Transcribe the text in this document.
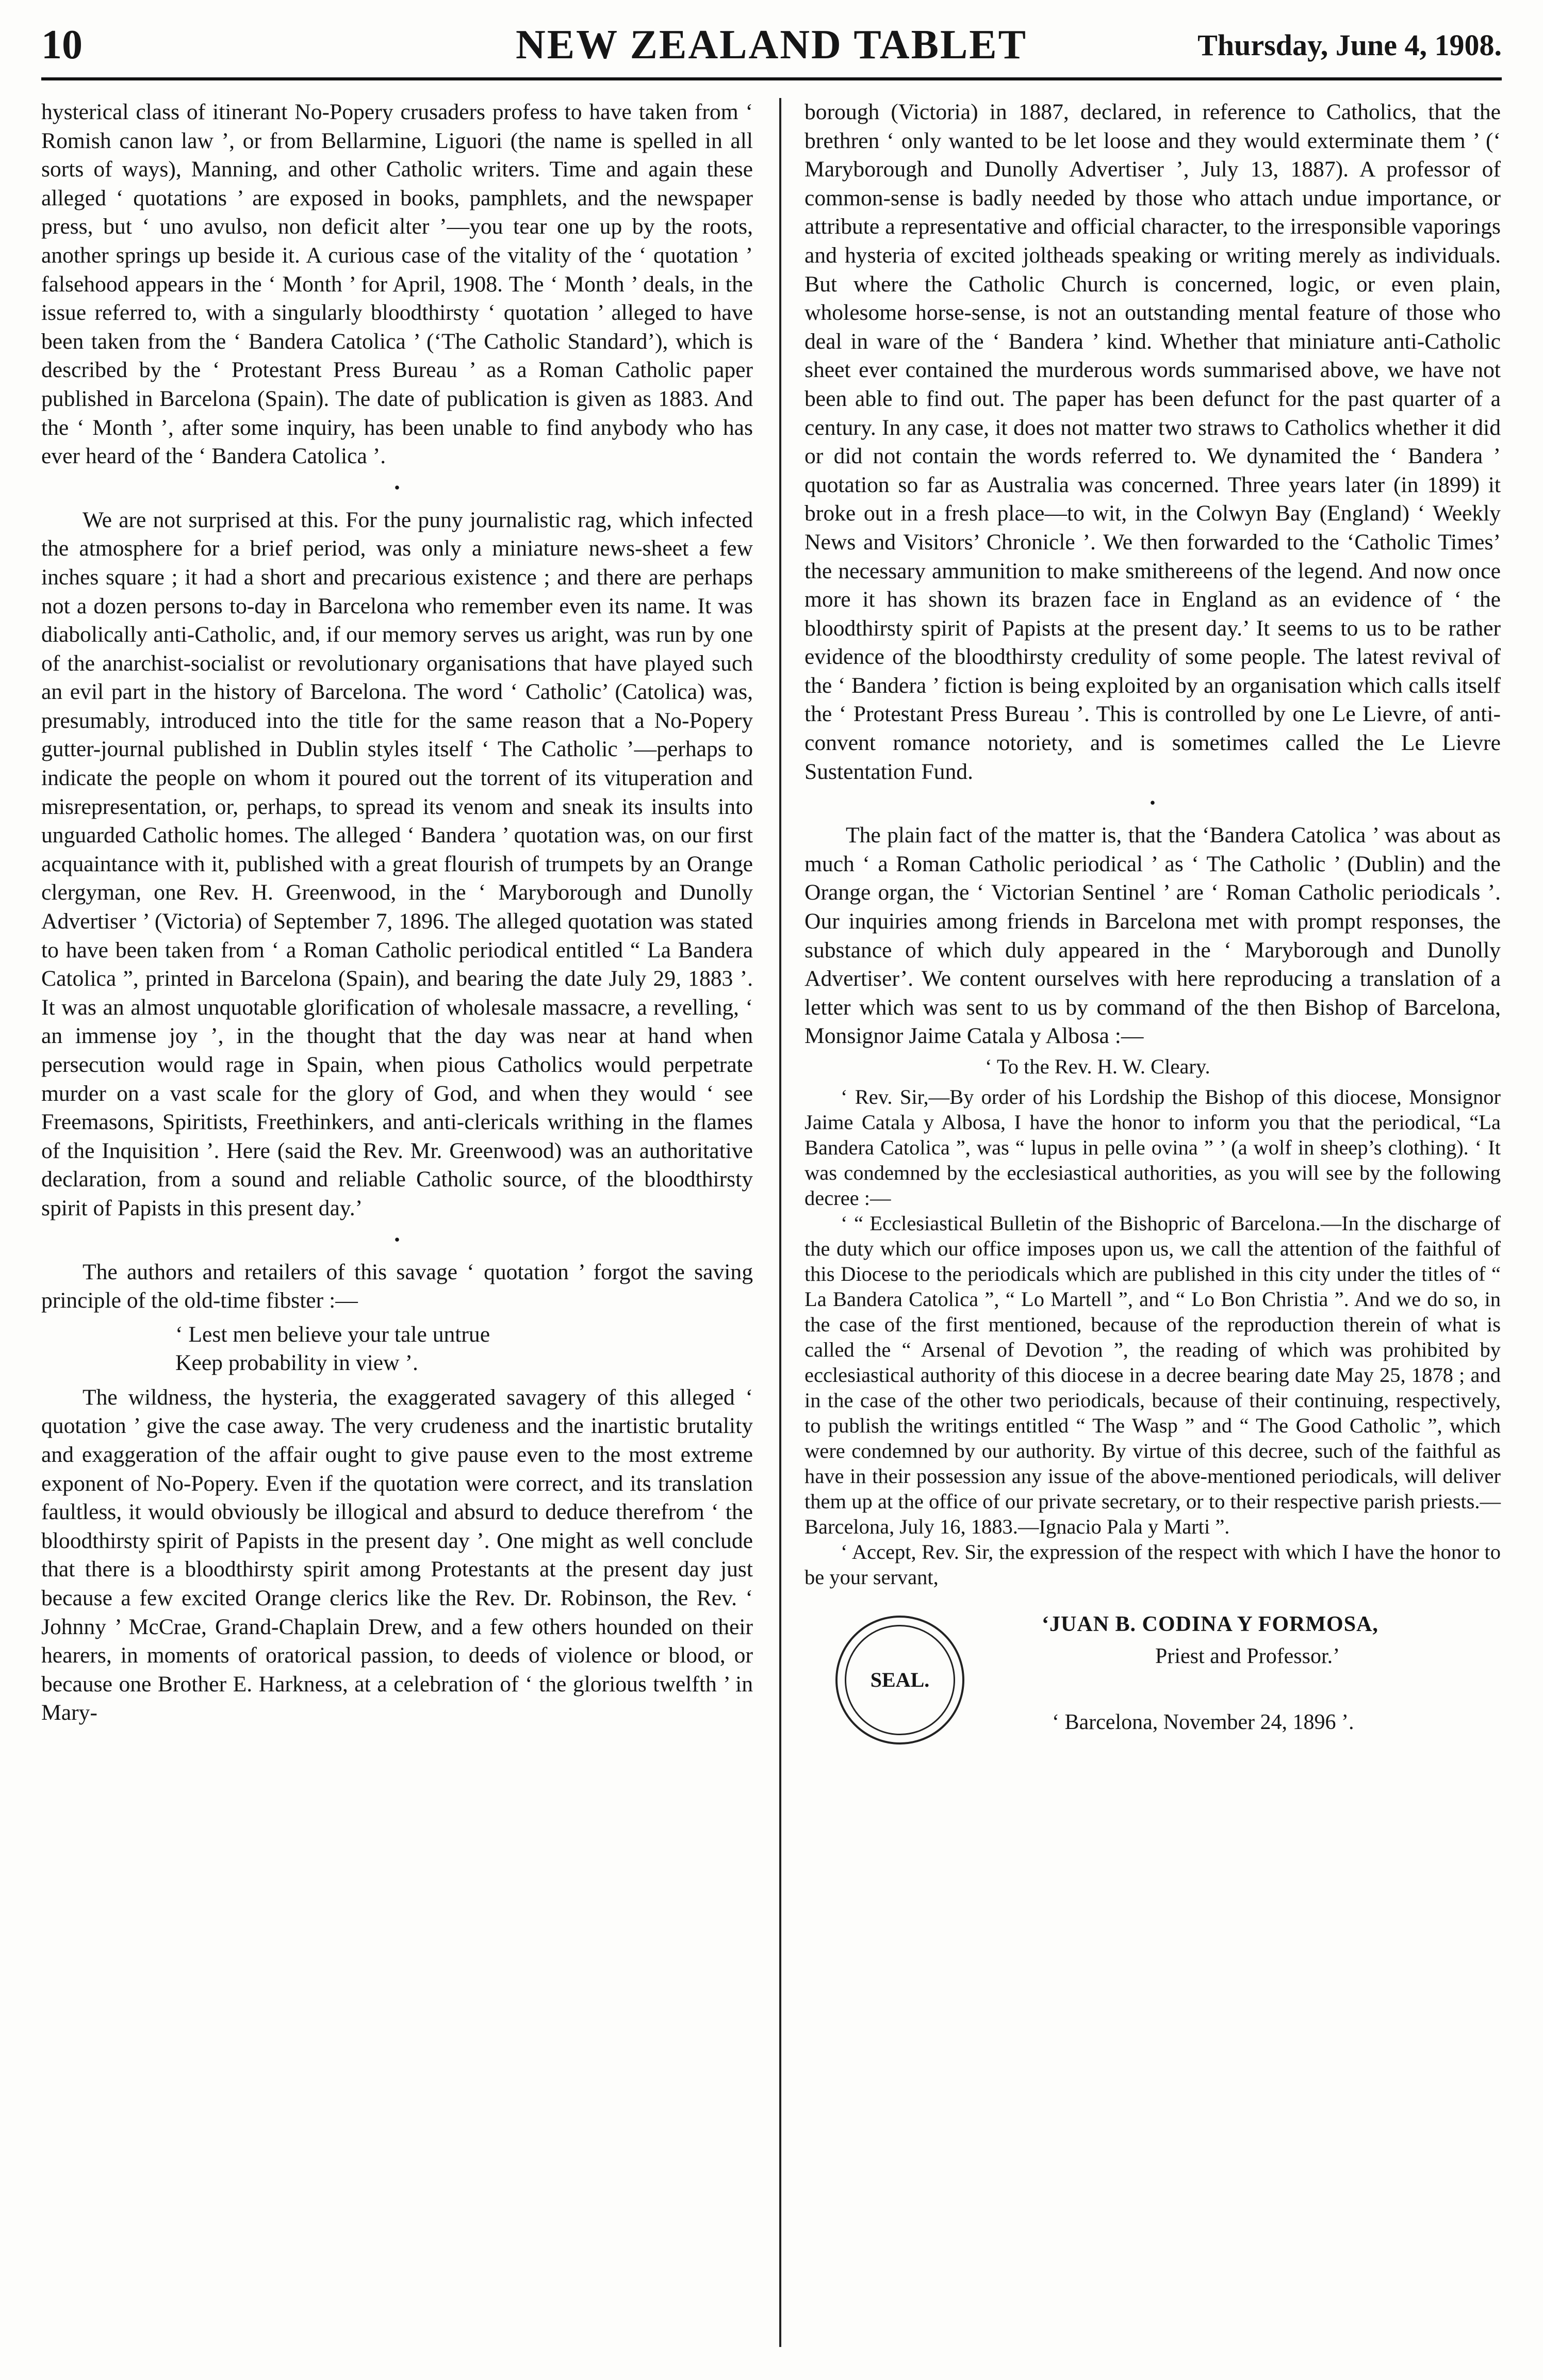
10	NEW ZEALAND TABLET	Thursday, June 4, 1908.

hysterical class of itinerant No-Popery crusaders profess to have taken from ‘ Romish canon law ’, or from Bellarmine, Liguori (the name is spelled in all sorts of ways), Manning, and other Catholic writers. Time and again these alleged ‘ quotations ’ are exposed in books, pamphlets, and the newspaper press, but ‘ uno avulso, non deficit alter ’—you tear one up by the roots, another springs up beside it. A curious case of the vitality of the ‘ quotation ’ falsehood appears in the ‘ Month ’ for April, 1908. The ‘ Month ’ deals, in the issue referred to, with a singularly bloodthirsty ‘ quotation ’ alleged to have been taken from the ‘ Bandera Catolica ’ (‘The Catholic Standard’), which is described by the ‘ Protestant Press Bureau ’ as a Roman Catholic paper published in Barcelona (Spain). The date of publication is given as 1883. And the ‘ Month ’, after some inquiry, has been unable to find anybody who has ever heard of the ‘ Bandera Catolica ’.

•

We are not surprised at this. For the puny journalistic rag, which infected the atmosphere for a brief period, was only a miniature news-sheet a few inches square ; it had a short and precarious existence ; and there are perhaps not a dozen persons to-day in Barcelona who remember even its name. It was diabolically anti-Catholic, and, if our memory serves us aright, was run by one of the anarchist-socialist or revolutionary organisations that have played such an evil part in the history of Barcelona. The word ‘ Catholic’ (Catolica) was, presumably, introduced into the title for the same reason that a No-Popery gutter-journal published in Dublin styles itself ‘ The Catholic ’—perhaps to indicate the people on whom it poured out the torrent of its vituperation and misrepresentation, or, perhaps, to spread its venom and sneak its insults into unguarded Catholic homes. The alleged ‘ Bandera ’ quotation was, on our first acquaintance with it, published with a great flourish of trumpets by an Orange clergyman, one Rev. H. Greenwood, in the ‘ Maryborough and Dunolly Advertiser ’ (Victoria) of September 7, 1896. The alleged quotation was stated to have been taken from ‘ a Roman Catholic periodical entitled “ La Bandera Catolica ”, printed in Barcelona (Spain), and bearing the date July 29, 1883 ’. It was an almost unquotable glorification of wholesale massacre, a revelling, ‘ an immense joy ’, in the thought that the day was near at hand when persecution would rage in Spain, when pious Catholics would perpetrate murder on a vast scale for the glory of God, and when they would ‘ see Freemasons, Spiritists, Freethinkers, and anti-clericals writhing in the flames of the Inquisition ’. Here (said the Rev. Mr. Greenwood) was an authoritative declaration, from a sound and reliable Catholic source, of the bloodthirsty spirit of Papists in this present day.’

•

The authors and retailers of this savage ‘ quotation ’ forgot the saving principle of the old-time fibster :—

‘ Lest men believe your tale untrue
Keep probability in view ’.

The wildness, the hysteria, the exaggerated savagery of this alleged ‘ quotation ’ give the case away. The very crudeness and the inartistic brutality and exaggeration of the affair ought to give pause even to the most extreme exponent of No-Popery. Even if the quotation were correct, and its translation faultless, it would obviously be illogical and absurd to deduce therefrom ‘ the bloodthirsty spirit of Papists in the present day ’. One might as well conclude that there is a bloodthirsty spirit among Protestants at the present day just because a few excited Orange clerics like the Rev. Dr. Robinson, the Rev. ‘ Johnny ’ McCrae, Grand-Chaplain Drew, and a few others hounded on their hearers, in moments of oratorical passion, to deeds of violence or blood, or because one Brother E. Harkness, at a celebration of ‘ the glorious twelfth ’ in Mary-

borough (Victoria) in 1887, declared, in reference to Catholics, that the brethren ‘ only wanted to be let loose and they would exterminate them ’ (‘ Maryborough and Dunolly Advertiser ’, July 13, 1887). A professor of common-sense is badly needed by those who attach undue importance, or attribute a representative and official character, to the irresponsible vaporings and hysteria of excited joltheads speaking or writing merely as individuals. But where the Catholic Church is concerned, logic, or even plain, wholesome horse-sense, is not an outstanding mental feature of those who deal in ware of the ‘ Bandera ’ kind. Whether that miniature anti-Catholic sheet ever contained the murderous words summarised above, we have not been able to find out. The paper has been defunct for the past quarter of a century. In any case, it does not matter two straws to Catholics whether it did or did not contain the words referred to. We dynamited the ‘ Bandera ’ quotation so far as Australia was concerned. Three years later (in 1899) it broke out in a fresh place—to wit, in the Colwyn Bay (England) ‘ Weekly News and Visitors’ Chronicle ’. We then forwarded to the ‘Catholic Times’ the necessary ammunition to make smithereens of the legend. And now once more it has shown its brazen face in England as an evidence of ‘ the bloodthirsty spirit of Papists at the present day.’ It seems to us to be rather evidence of the bloodthirsty credulity of some people. The latest revival of the ‘ Bandera ’ fiction is being exploited by an organisation which calls itself the ‘ Protestant Press Bureau ’. This is controlled by one Le Lievre, of anti-convent romance notoriety, and is sometimes called the Le Lievre Sustentation Fund.

•

The plain fact of the matter is, that the ‘Bandera Catolica ’ was about as much ‘ a Roman Catholic periodical ’ as ‘ The Catholic ’ (Dublin) and the Orange organ, the ‘ Victorian Sentinel ’ are ‘ Roman Catholic periodicals ’. Our inquiries among friends in Barcelona met with prompt responses, the substance of which duly appeared in the ‘ Maryborough and Dunolly Advertiser’. We content ourselves with here reproducing a translation of a letter which was sent to us by command of the then Bishop of Barcelona, Monsignor Jaime Catala y Albosa :—

‘ To the Rev. H. W. Cleary.

‘ Rev. Sir,—By order of his Lordship the Bishop of this diocese, Monsignor Jaime Catala y Albosa, I have the honor to inform you that the periodical, “La Bandera Catolica ”, was “ lupus in pelle ovina ” ’ (a wolf in sheep’s clothing). ‘ It was condemned by the ecclesiastical authorities, as you will see by the following decree :—

‘ “ Ecclesiastical Bulletin of the Bishopric of Barcelona.—In the discharge of the duty which our office imposes upon us, we call the attention of the faithful of this Diocese to the periodicals which are published in this city under the titles of “ La Bandera Catolica ”, “ Lo Martell ”, and “ Lo Bon Christia ”. And we do so, in the case of the first mentioned, because of the reproduction therein of what is called the “ Arsenal of Devotion ”, the reading of which was prohibited by ecclesiastical authority of this diocese in a decree bearing date May 25, 1878 ; and in the case of the other two periodicals, because of their continuing, respectively, to publish the writings entitled “ The Wasp ” and “ The Good Catholic ”, which were condemned by our authority. By virtue of this decree, such of the faithful as have in their possession any issue of the above-mentioned periodicals, will deliver them up at the office of our private secretary, or to their respective parish priests.—Barcelona, July 16, 1883.—Ignacio Pala y Marti ”.

‘ Accept, Rev. Sir, the expression of the respect with which I have the honor to be your servant,

SEAL.
‘JUAN B. CODINA Y FORMOSA,
Priest and Professor.’
‘ Barcelona, November 24, 1896 ’.
